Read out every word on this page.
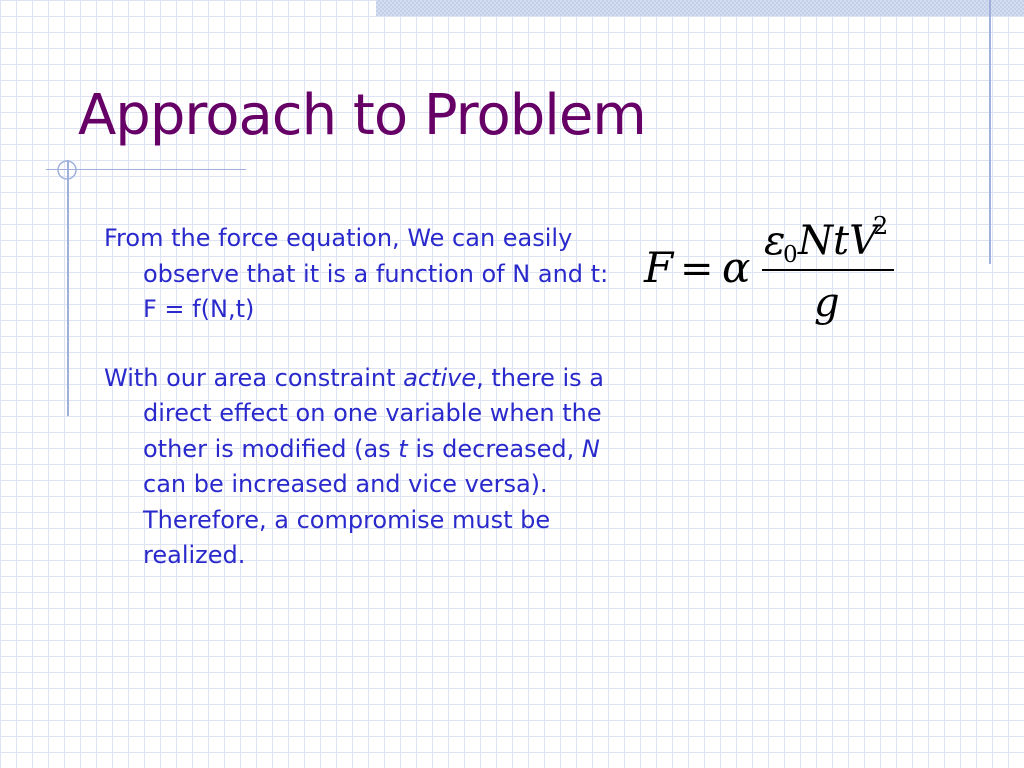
Approach to Problem

From the force equation, We can easily observe that it is a function of N and t: F = f(N,t)

With our area constraint active, there is a direct effect on one variable when the other is modified (as t is decreased, N can be increased and vice versa). Therefore, a compromise must be realized.

F = α
ε
0 NtV
2
g
